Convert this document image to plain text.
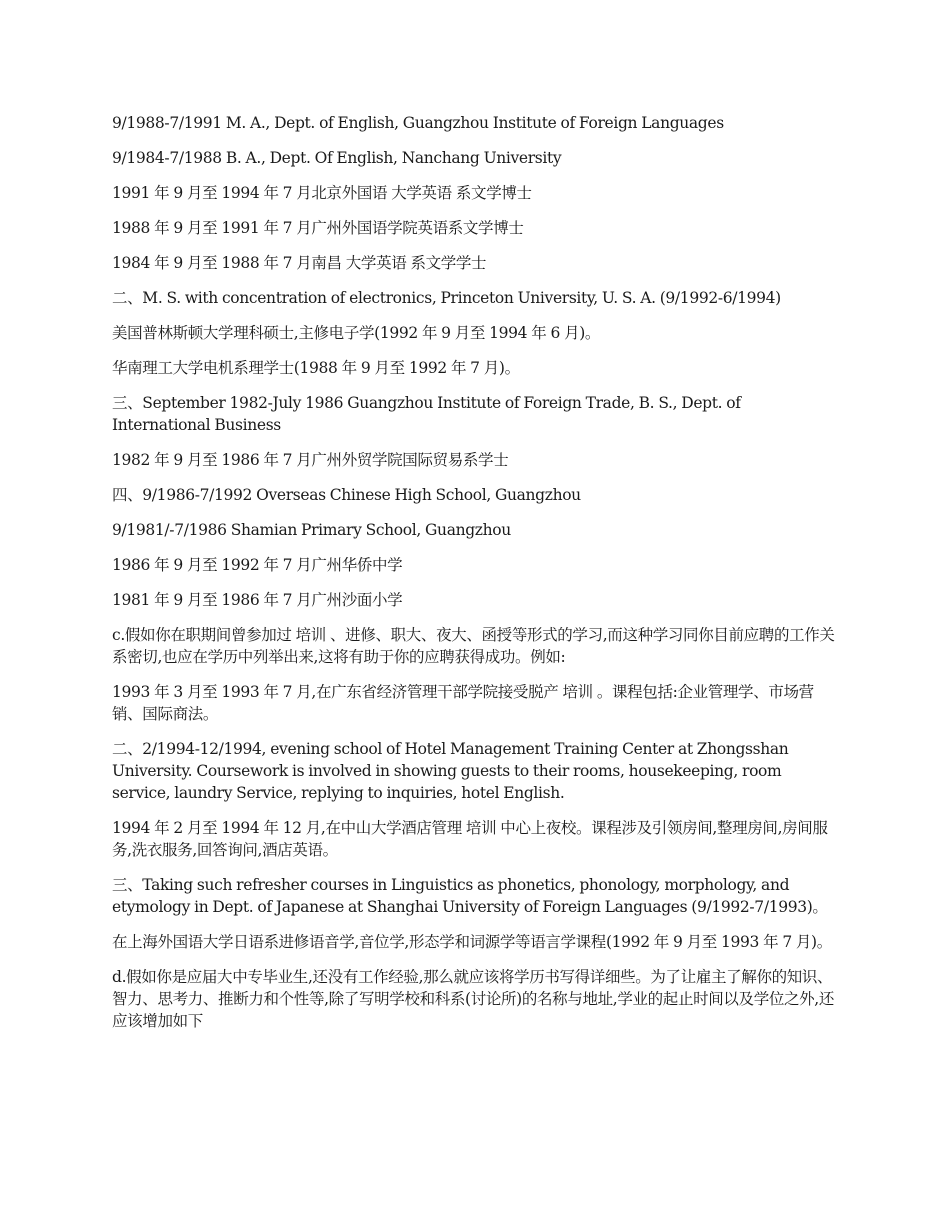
9/1988-7/1991 M. A., Dept. of English, Guangzhou Institute of Foreign Languages

9/1984-7/1988 B. A., Dept. Of English, Nanchang University

1991 年 9 月至 1994 年 7 月北京外国语 大学英语 系文学博士

1988 年 9 月至 1991 年 7 月广州外国语学院英语系文学博士

1984 年 9 月至 1988 年 7 月南昌 大学英语 系文学学士

二、M. S. with concentration of electronics, Princeton University, U. S. A. (9/1992-6/1994)

美国普林斯顿大学理科硕士,主修电子学(1992 年 9 月至 1994 年 6 月)。

华南理工大学电机系理学士(1988 年 9 月至 1992 年 7 月)。

三、September 1982-July 1986 Guangzhou Institute of Foreign Trade, B. S., Dept. of International Business

1982 年 9 月至 1986 年 7 月广州外贸学院国际贸易系学士

四、9/1986-7/1992 Overseas Chinese High School, Guangzhou

9/1981/-7/1986 Shamian Primary School, Guangzhou

1986 年 9 月至 1992 年 7 月广州华侨中学

1981 年 9 月至 1986 年 7 月广州沙面小学

c.假如你在职期间曾参加过 培训 、进修、职大、夜大、函授等形式的学习,而这种学习同你目前应聘的工作关系密切,也应在学历中列举出来,这将有助于你的应聘获得成功。例如:

1993 年 3 月至 1993 年 7 月,在广东省经济管理干部学院接受脱产 培训 。课程包括:企业管理学、市场营销、国际商法。

二、2/1994-12/1994, evening school of Hotel Management Training Center at Zhongsshan University. Coursework is involved in showing guests to their rooms, housekeeping, room service, laundry Service, replying to inquiries, hotel English.

1994 年 2 月至 1994 年 12 月,在中山大学酒店管理 培训 中心上夜校。课程涉及引领房间,整理房间,房间服务,洗衣服务,回答询问,酒店英语。

三、Taking such refresher courses in Linguistics as phonetics, phonology, morphology, and etymology in Dept. of Japanese at Shanghai University of Foreign Languages (9/1992-7/1993)。

在上海外国语大学日语系进修语音学,音位学,形态学和词源学等语言学课程(1992 年 9 月至 1993 年 7 月)。

d.假如你是应届大中专毕业生,还没有工作经验,那么就应该将学历书写得详细些。为了让雇主了解你的知识、智力、思考力、推断力和个性等,除了写明学校和科系(讨论所)的名称与地址,学业的起止时间以及学位之外,还应该增加如下
